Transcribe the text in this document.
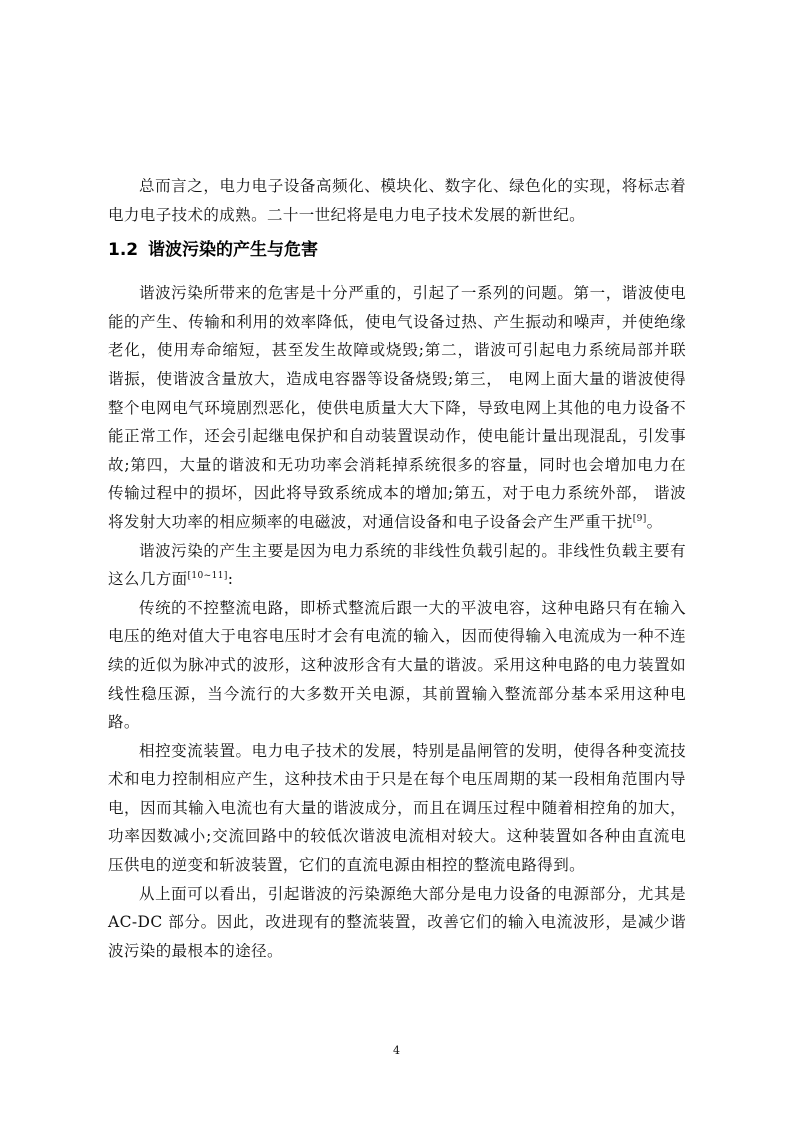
总而言之，电力电子设备高频化、模块化、数字化、绿色化的实现，将标志着电力电子技术的成熟。二十一世纪将是电力电子技术发展的新世纪。

1.2 谐波污染的产生与危害

谐波污染所带来的危害是十分严重的，引起了一系列的问题。第一，谐波使电能的产生、传输和利用的效率降低，使电气设备过热、产生振动和噪声，并使绝缘老化，使用寿命缩短，甚至发生故障或烧毁;第二，谐波可引起电力系统局部并联谐振，使谐波含量放大，造成电容器等设备烧毁;第三， 电网上面大量的谐波使得整个电网电气环境剧烈恶化，使供电质量大大下降，导致电网上其他的电力设备不能正常工作，还会引起继电保护和自动装置误动作，使电能计量出现混乱，引发事故;第四，大量的谐波和无功功率会消耗掉系统很多的容量，同时也会增加电力在传输过程中的损坏，因此将导致系统成本的增加;第五，对于电力系统外部， 谐波将发射大功率的相应频率的电磁波，对通信设备和电子设备会产生严重干扰[9]。

谐波污染的产生主要是因为电力系统的非线性负载引起的。非线性负载主要有这么几方面[10~11]:

传统的不控整流电路，即桥式整流后跟一大的平波电容，这种电路只有在输入电压的绝对值大于电容电压时才会有电流的输入，因而使得输入电流成为一种不连续的近似为脉冲式的波形，这种波形含有大量的谐波。采用这种电路的电力装置如线性稳压源，当今流行的大多数开关电源，其前置输入整流部分基本采用这种电路。

相控变流装置。电力电子技术的发展，特别是晶闸管的发明，使得各种变流技术和电力控制相应产生，这种技术由于只是在每个电压周期的某一段相角范围内导电，因而其输入电流也有大量的谐波成分，而且在调压过程中随着相控角的加大，功率因数减小;交流回路中的较低次谐波电流相对较大。这种装置如各种由直流电压供电的逆变和斩波装置，它们的直流电源由相控的整流电路得到。

从上面可以看出，引起谐波的污染源绝大部分是电力设备的电源部分，尤其是AC-DC 部分。因此，改进现有的整流装置，改善它们的输入电流波形，是减少谐波污染的最根本的途径。

4
